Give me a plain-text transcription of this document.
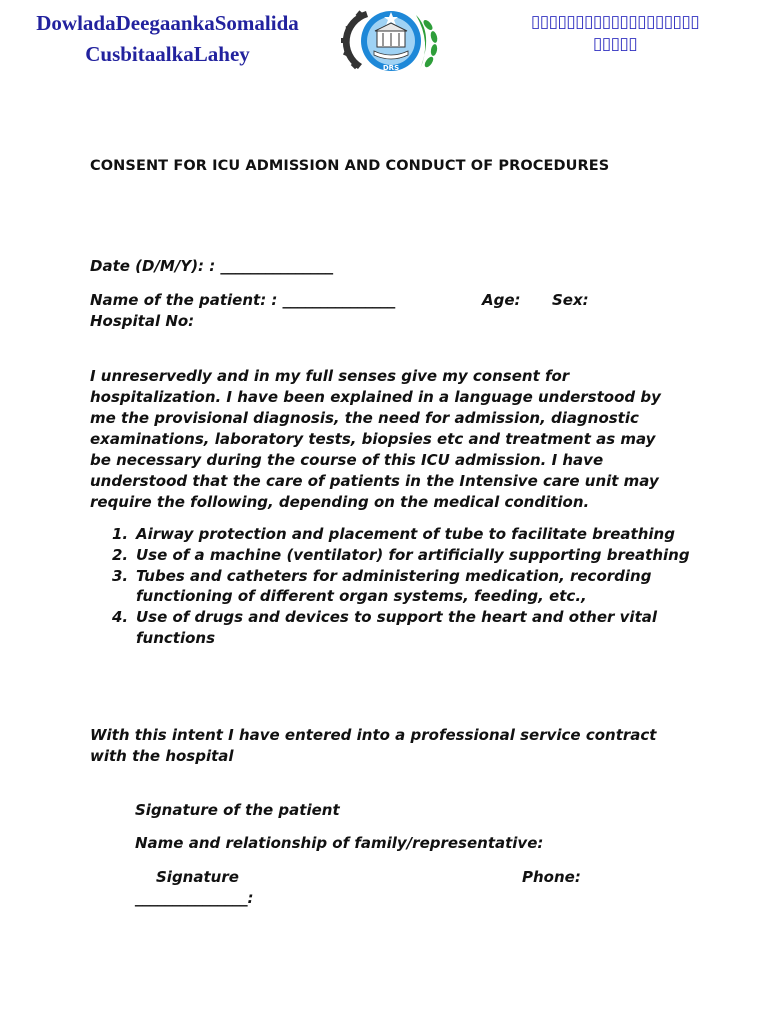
DowladaDeegaankaSomalida
CusbitaalkaLahey
DRS
▯▯▯▯▯▯▯▯▯▯▯▯▯▯▯▯▯▯▯▯▯▯▯▯
CONSENT FOR ICU ADMISSION AND CONDUCT OF PROCEDURES
Date (D/M/Y): : _______________
Name of the patient: : _______________	Age: Sex:
Hospital No:
I unreservedly and in my full senses give my consent for hospitalization. I have been explained in a language understood by me the provisional diagnosis, the need for admission, diagnostic examinations, laboratory tests, biopsies etc and treatment as may be necessary during the course of this ICU admission. I have understood that the care of patients in the Intensive care unit may require the following, depending on the medical condition.
1. Airway protection and placement of tube to facilitate breathing
2. Use of a machine (ventilator) for artificially supporting breathing
3. Tubes and catheters for administering medication, recording functioning of different organ systems, feeding, etc.,
4. Use of drugs and devices to support the heart and other vital functions
With this intent I have entered into a professional service contract with the hospital
Signature of the patient
Name and relationship of family/representative:
Signature	Phone:
_______________:
